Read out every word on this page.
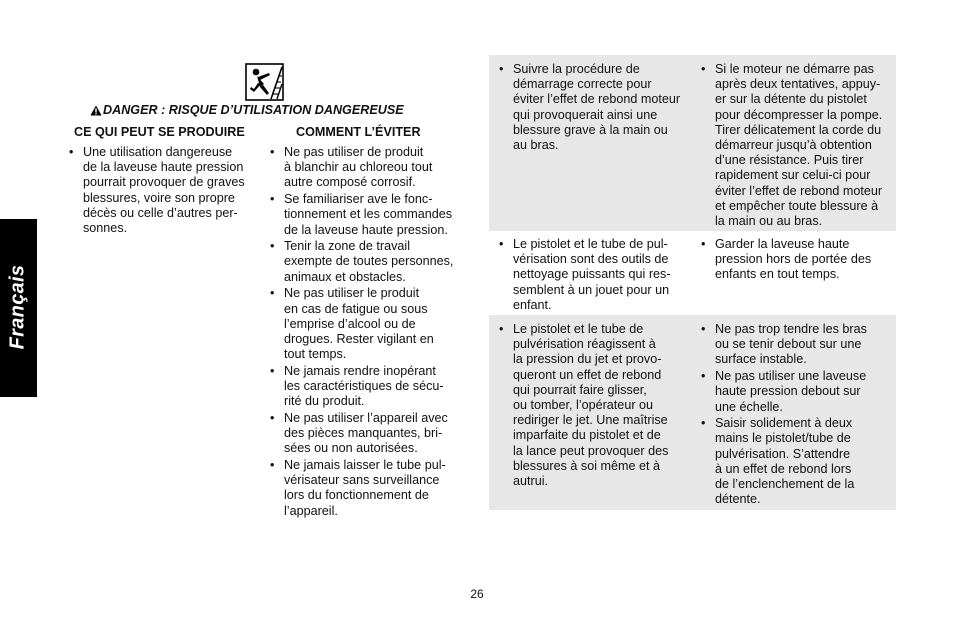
Français
DANGER : RISQUE D’UTILISATION DANGEREUSE
CE QUI PEUT SE PRODUIRE	COMMENT L’ÉVITER
• Une utilisation dangereuse
de la laveuse haute pression
pourrait provoquer de graves
blessures, voire son propre
décès ou celle d’autres per-
sonnes.
• Ne pas utiliser de produit
à blanchir au chloreou tout
autre composé corrosif.
• Se familiariser ave le fonc-
tionnement et les commandes
de la laveuse haute pression.
• Tenir la zone de travail
exempte de toutes personnes,
animaux et obstacles.
• Ne pas utiliser le produit
en cas de fatigue ou sous
l’emprise d’alcool ou de
drogues. Rester vigilant en
tout temps.
• Ne jamais rendre inopérant
les caractéristiques de sécu-
rité du produit.
• Ne pas utiliser l’appareil avec
des pièces manquantes, bri-
sées ou non autorisées.
• Ne jamais laisser le tube pul-
vérisateur sans surveillance
lors du fonctionnement de
l’appareil.
• Suivre la procédure de
démarrage correcte pour
éviter l’effet de rebond moteur
qui provoquerait ainsi une
blessure grave à la main ou
au bras.
• Si le moteur ne démarre pas
après deux tentatives, appuy-
er sur la détente du pistolet
pour décompresser la pompe.
Tirer délicatement la corde du
démarreur jusqu’à obtention
d’une résistance. Puis tirer
rapidement sur celui-ci pour
éviter l’effet de rebond moteur
et empêcher toute blessure à
la main ou au bras.
• Le pistolet et le tube de pul-
vérisation sont des outils de
nettoyage puissants qui res-
semblent à un jouet pour un
enfant.
• Garder la laveuse haute
pression hors de portée des
enfants en tout temps.
• Le pistolet et le tube de
pulvérisation réagissent à
la pression du jet et provo-
queront un effet de rebond
qui pourrait faire glisser,
ou tomber, l’opérateur ou
rediriger le jet. Une maîtrise
imparfaite du pistolet et de
la lance peut provoquer des
blessures à soi même et à
autrui.
• Ne pas trop tendre les bras
ou se tenir debout sur une
surface instable.
• Ne pas utiliser une laveuse
haute pression debout sur
une échelle.
• Saisir solidement à deux
mains le pistolet/tube de
pulvérisation. S’attendre
à un effet de rebond lors
de l’enclenchement de la
détente.
26
